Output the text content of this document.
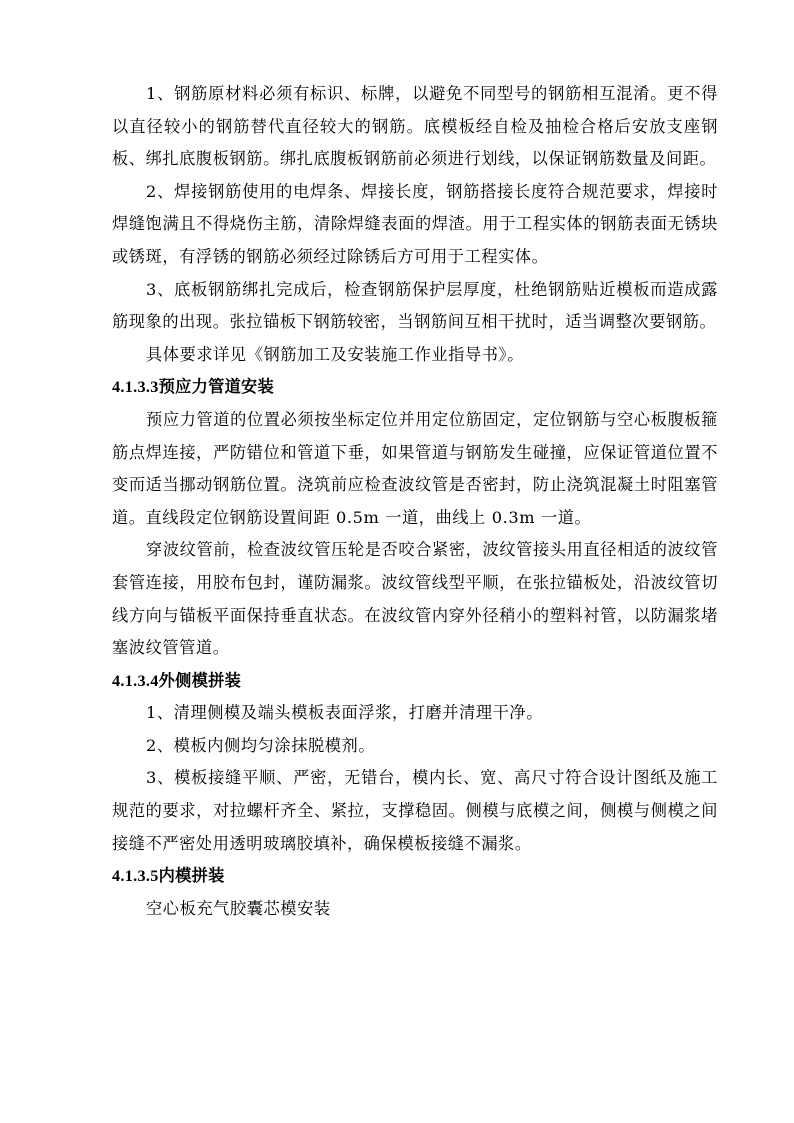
1、钢筋原材料必须有标识、标牌，以避免不同型号的钢筋相互混淆。更不得以直径较小的钢筋替代直径较大的钢筋。底模板经自检及抽检合格后安放支座钢板、绑扎底腹板钢筋。绑扎底腹板钢筋前必须进行划线，以保证钢筋数量及间距。

2、焊接钢筋使用的电焊条、焊接长度，钢筋搭接长度符合规范要求，焊接时焊缝饱满且不得烧伤主筋，清除焊缝表面的焊渣。用于工程实体的钢筋表面无锈块或锈斑，有浮锈的钢筋必须经过除锈后方可用于工程实体。

3、底板钢筋绑扎完成后，检查钢筋保护层厚度，杜绝钢筋贴近模板而造成露筋现象的出现。张拉锚板下钢筋较密，当钢筋间互相干扰时，适当调整次要钢筋。

具体要求详见《钢筋加工及安装施工作业指导书》。

4.1.3.3预应力管道安装

预应力管道的位置必须按坐标定位并用定位筋固定，定位钢筋与空心板腹板箍筋点焊连接，严防错位和管道下垂，如果管道与钢筋发生碰撞，应保证管道位置不变而适当挪动钢筋位置。浇筑前应检查波纹管是否密封，防止浇筑混凝土时阻塞管道。直线段定位钢筋设置间距 0.5m 一道，曲线上 0.3m 一道。

穿波纹管前，检查波纹管压轮是否咬合紧密，波纹管接头用直径相适的波纹管套管连接，用胶布包封，谨防漏浆。波纹管线型平顺，在张拉锚板处，沿波纹管切线方向与锚板平面保持垂直状态。在波纹管内穿外径稍小的塑料衬管，以防漏浆堵塞波纹管管道。

4.1.3.4外侧模拼装

1、清理侧模及端头模板表面浮浆，打磨并清理干净。

2、模板内侧均匀涂抹脱模剂。

3、模板接缝平顺、严密，无错台，模内长、宽、高尺寸符合设计图纸及施工规范的要求，对拉螺杆齐全、紧拉，支撑稳固。侧模与底模之间，侧模与侧模之间接缝不严密处用透明玻璃胶填补，确保模板接缝不漏浆。

4.1.3.5内模拼装

空心板充气胶囊芯模安装
